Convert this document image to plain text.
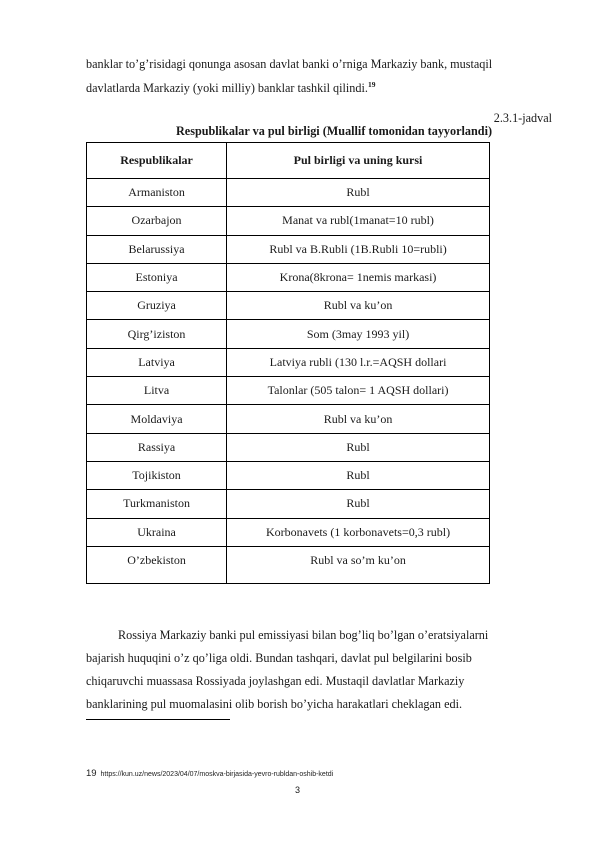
banklar to’g’risidagi qonunga asosan davlat banki o’rniga Markaziy bank, mustaqil
davlatlarda Markaziy (yoki milliy) banklar tashkil qilindi.$^{19}$
2.3.1-jadval
Respublikalar va pul birligi (Muallif tomonidan tayyorlandi)
Respublikalar	Pul birligi va uning kursi
Armaniston	Rubl
Ozarbajon	Manat va rubl(1manat=10 rubl)
Belarussiya	Rubl va B.Rubli (1B.Rubli 10=rubli)
Estoniya	Krona(8krona= 1nemis markasi)
Gruziya	Rubl va ku’on
Qirg’iziston	Som (3may 1993 yil)
Latviya	Latviya rubli (130 l.r.=AQSH dollari
Litva	Talonlar (505 talon= 1 AQSH dollari)
Moldaviya	Rubl va ku’on
Rassiya	Rubl
Tojikiston	Rubl
Turkmaniston	Rubl
Ukraina	Korbonavets (1 korbonavets=0,3 rubl)
O’zbekiston	Rubl va so’m ku’on
Rossiya Markaziy banki pul emissiyasi bilan bog’liq bo’lgan o’eratsiyalarni
bajarish huquqini o’z qo’liga oldi. Bundan tashqari, davlat pul belgilarini bosib
chiqaruvchi muassasa Rossiyada joylashgan edi. Mustaqil davlatlar Markaziy
banklarining pul muomalasini olib borish bo’yicha harakatlari cheklagan edi.
19 https://kun.uz/news/2023/04/07/moskva-birjasida-yevro-rubldan-oshib-ketdi
3
